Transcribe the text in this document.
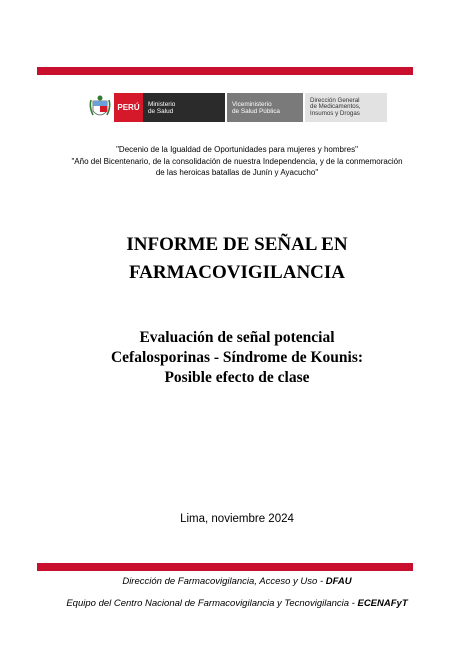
PERÚ Ministerio
de Salud
Viceministerio
de Salud Pública
Dirección General
de Medicamentos,
Insumos y Drogas
"Decenio de la Igualdad de Oportunidades para mujeres y hombres"
"Año del Bicentenario, de la consolidación de nuestra Independencia, y de la conmemoración
de las heroicas batallas de Junín y Ayacucho"
INFORME DE SEÑAL EN
FARMACOVIGILANCIA
Evaluación de señal potencial
Cefalosporinas - Síndrome de Kounis:
Posible efecto de clase
Lima, noviembre 2024
Dirección de Farmacovigilancia, Acceso y Uso - DFAU
Equipo del Centro Nacional de Farmacovigilancia y Tecnovigilancia - ECENAFyT
